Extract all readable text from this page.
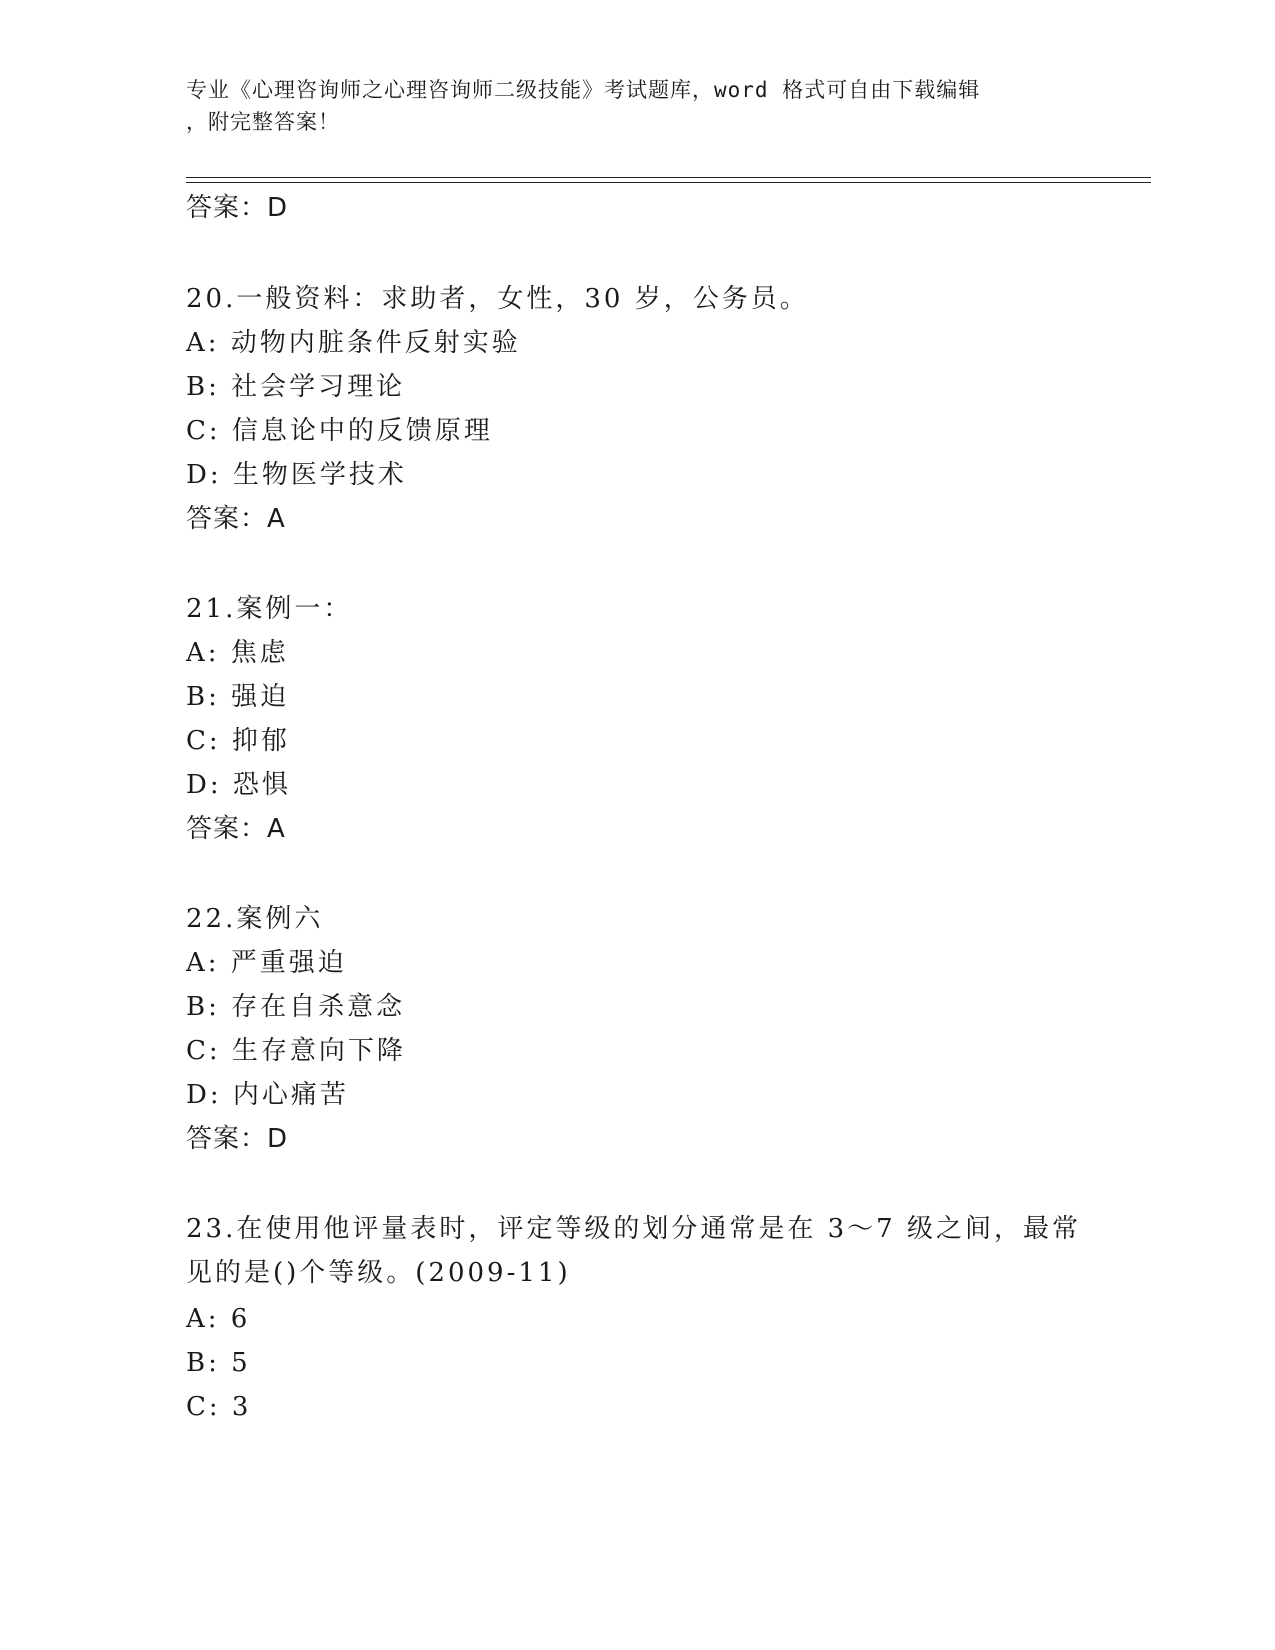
专业《心理咨询师之心理咨询师二级技能》考试题库，word 格式可自由下载编辑
，附完整答案！
答案：D
20.一般资料：求助者，女性，30 岁，公务员。
A: 动物内脏条件反射实验
B: 社会学习理论
C: 信息论中的反馈原理
D: 生物医学技术
答案：A
21.案例一：
A: 焦虑
B: 强迫
C: 抑郁
D: 恐惧
答案：A
22.案例六
A: 严重强迫
B: 存在自杀意念
C: 生存意向下降
D: 内心痛苦
答案：D
23.在使用他评量表时，评定等级的划分通常是在 3～7 级之间，最常
见的是()个等级。(2009-11)
A: 6
B: 5
C: 3
